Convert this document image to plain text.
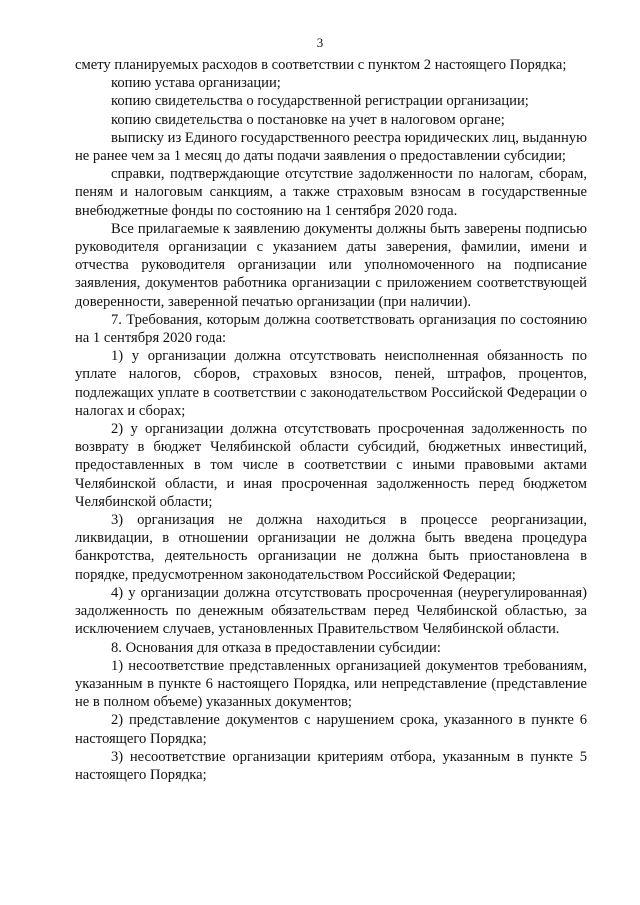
3

смету планируемых расходов в соответствии с пунктом 2 настоящего Порядка;

копию устава организации;

копию свидетельства о государственной регистрации организации;

копию свидетельства о постановке на учет в налоговом органе;

выписку из Единого государственного реестра юридических лиц, выданную не ранее чем за 1 месяц до даты подачи заявления о предоставлении субсидии;

справки, подтверждающие отсутствие задолженности по налогам, сборам, пеням и налоговым санкциям, а также страховым взносам в государственные внебюджетные фонды по состоянию на 1 сентября 2020 года.

Все прилагаемые к заявлению документы должны быть заверены подписью руководителя организации с указанием даты заверения, фамилии, имени и отчества руководителя организации или уполномоченного на подписание заявления, документов работника организации с приложением соответствующей доверенности, заверенной печатью организации (при наличии).

7. Требования, которым должна соответствовать организация по состоянию на 1 сентября 2020 года:

1) у организации должна отсутствовать неисполненная обязанность по уплате налогов, сборов, страховых взносов, пеней, штрафов, процентов, подлежащих уплате в соответствии с законодательством Российской Федерации о налогах и сборах;

2) у организации должна отсутствовать просроченная задолженность по возврату в бюджет Челябинской области субсидий, бюджетных инвестиций, предоставленных в том числе в соответствии с иными правовыми актами Челябинской области, и иная просроченная задолженность перед бюджетом Челябинской области;

3) организация не должна находиться в процессе реорганизации, ликвидации, в отношении организации не должна быть введена процедура банкротства, деятельность организации не должна быть приостановлена в порядке, предусмотренном законодательством Российской Федерации;

4) у организации должна отсутствовать просроченная (неурегулированная) задолженность по денежным обязательствам перед Челябинской областью, за исключением случаев, установленных Правительством Челябинской области.

8. Основания для отказа в предоставлении субсидии:

1) несоответствие представленных организацией документов требованиям, указанным в пункте 6 настоящего Порядка, или непредставление (представление не в полном объеме) указанных документов;

2) представление документов с нарушением срока, указанного в пункте 6 настоящего Порядка;

3) несоответствие организации критериям отбора, указанным в пункте 5 настоящего Порядка;
